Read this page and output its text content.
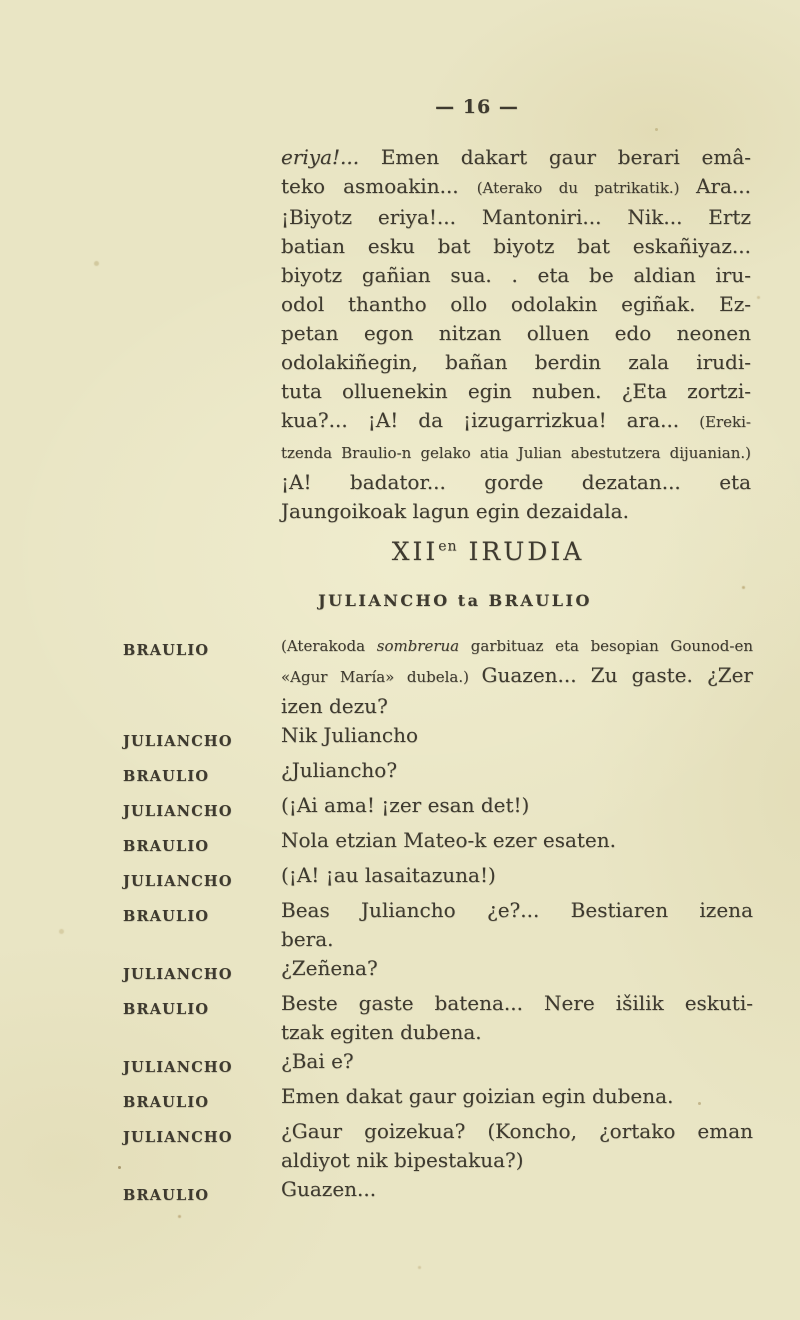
— 16 —
eriya!... Emen dakart gaur berari emâ-
teko asmoakin... (Aterako du patrikatik.) Ara...
¡Biyotz eriya!... Mantoniri... Nik... Ertz
batian esku bat biyotz bat eskañiyaz...
biyotz gañian sua. . eta be aldian iru-
odol thantho ollo odolakin egiñak. Ez-
petan egon nitzan olluen edo neonen
odolakiñegin, bañan berdin zala irudi-
tuta olluenekin egin nuben. ¿Eta zortzi-
kua?... ¡A! da ¡izugarrizkua! ara... (Ereki-
tzenda Braulio-n gelako atia Julian abestutzera dijuanian.)
¡A! badator... gorde dezatan... eta
Jaungoikoak lagun egin dezaidala.
$XII^{en}$ IRUDIA
JULIANCHO ta BRAULIO
BRAULIO	(Aterakoda sombrerua garbituaz eta besopian Gounod-en
«Agur María» dubela.) Guazen... Zu gaste. ¿Zer
izen dezu?
JULIANCHO	Nik Juliancho
BRAULIO	¿Juliancho?
JULIANCHO	(¡Ai ama! ¡zer esan det!)
BRAULIO	Nola etzian Mateo-k ezer esaten.
JULIANCHO	(¡A! ¡au lasaitazuna!)
BRAULIO	Beas Juliancho ¿e?... Bestiaren izena
bera.
JULIANCHO	¿Zeñena?
BRAULIO	Beste gaste batena... Nere išilik eskuti-
tzak egiten dubena.
JULIANCHO	¿Bai e?
BRAULIO	Emen dakat gaur goizian egin dubena.
JULIANCHO	¿Gaur goizekua? (Koncho, ¿ortako eman
aldiyot nik bipestakua?)
BRAULIO	Guazen...
